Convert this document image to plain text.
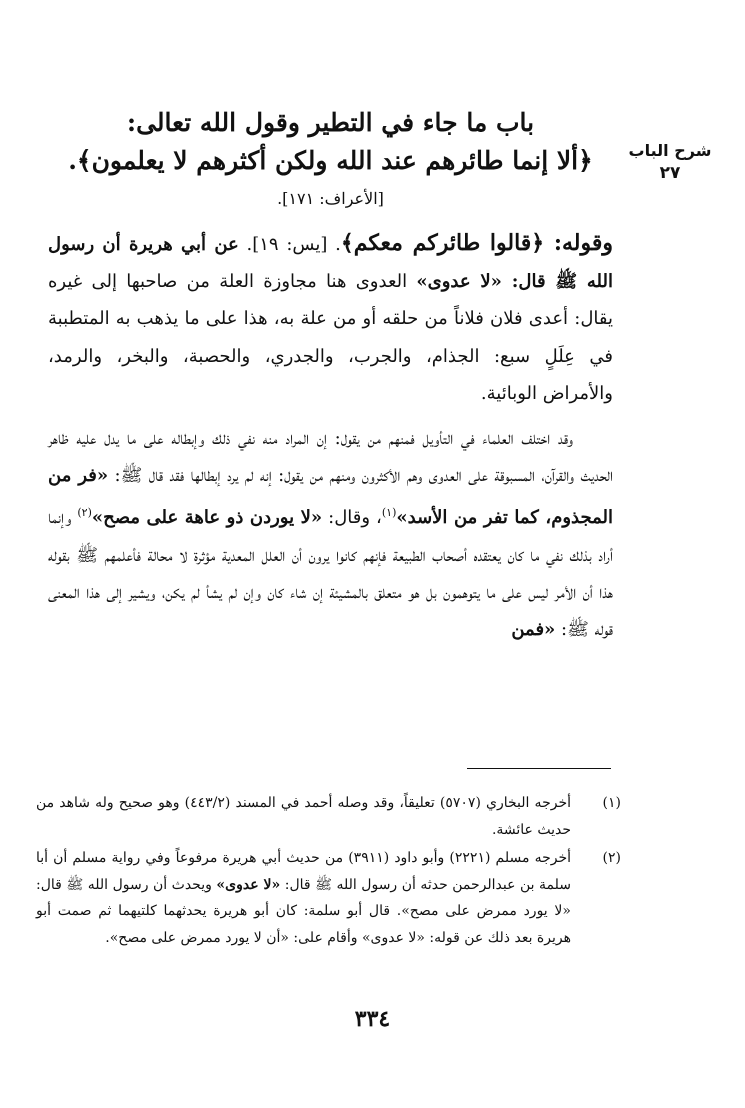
شرح الباب
٢٧
باب ما جاء في التطير وقول الله تعالى:
﴿ألا إنما طائرهم عند الله ولكن أكثرهم لا يعلمون﴾.
[الأعراف: ١٧١].
وقوله: ﴿قالوا طائركم معكم﴾. [يس: ١٩]. عن أبي هريرة أن رسول الله ﷺ قال: «لا عدوى» العدوى هنا مجاوزة العلة من صاحبها إلى غيره يقال: أعدى فلان فلاناً من حلقه أو من علة به، هذا على ما يذهب به المتطببة في عِلَلٍ سبع: الجذام، والجرب، والجدري، والحصبة، والبخر، والرمد، والأمراض الوبائية.
وقد اختلف العلماء في التأويل فمنهم من يقول: إن المراد منه نفي ذلك وإبطاله على ما يدل عليه ظاهر الحديث والقرآن، المسبوقة على العدوى وهم الأكثرون ومنهم من يقول: إنه لم يرد إبطالها فقد قال ﷺ: «فر من المجذوم، كما تفر من الأسد»$^{(١)}$، وقال: «لا يوردن ذو عاهة على مصح»$^{(٢)}$ وإنما أراد بذلك نفي ما كان يعتقده أصحاب الطبيعة فإنهم كانوا يرون أن العلل المعدية مؤثرة لا محالة فأعلمهم ﷺ بقوله هذا أن الأمر ليس على ما يتوهمون بل هو متعلق بالمشيئة إن شاء كان وإن لم يشأ لم يكن، ويشير إلى هذا المعنى قوله ﷺ: «فمن
(١)
أخرجه البخاري (٥٧٠٧) تعليقاً، وقد وصله أحمد في المسند (٤٤٣/٢) وهو صحيح وله شاهد من حديث عائشة.
(٢)
أخرجه مسلم (٢٢٢١) وأبو داود (٣٩١١) من حديث أبي هريرة مرفوعاً وفي رواية مسلم أن أبا سلمة بن عبدالرحمن حدثه أن رسول الله ﷺ قال: «لا عدوى» ويحدث أن رسول الله ﷺ قال: «لا يورد ممرض على مصح». قال أبو سلمة: كان أبو هريرة يحدثهما كلتيهما ثم صمت أبو هريرة بعد ذلك عن قوله: «لا عدوى» وأقام على: «أن لا يورد ممرض على مصح».
٣٣٤
